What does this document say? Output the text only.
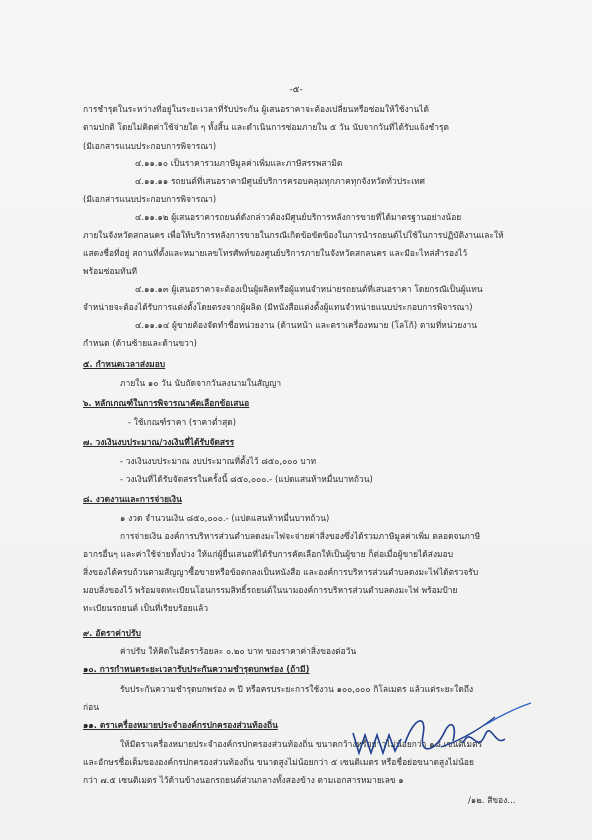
-๕-
การชำรุดในระหว่างที่อยู่ในระยะเวลาที่รับประกัน ผู้เสนอราคาจะต้องเปลี่ยนหรือซ่อมให้ใช้งานได้
ตามปกติ โดยไม่คิดค่าใช้จ่ายใด ๆ ทั้งสิ้น และดำเนินการซ่อมภายใน ๕ วัน นับจากวันที่ได้รับแจ้งชำรุด
(มีเอกสารแนบประกอบการพิจารณา)
๔.๑๑.๑๐ เป็นราคารวมภาษีมูลค่าเพิ่มและภาษีสรรพสามิต
๔.๑๑.๑๑ รถยนต์ที่เสนอราคามีศูนย์บริการครอบคลุมทุกภาคทุกจังหวัดทั่วประเทศ
(มีเอกสารแนบประกอบการพิจารณา)
๔.๑๑.๑๒ ผู้เสนอราคารถยนต์ดังกล่าวต้องมีศูนย์บริการหลังการขายที่ได้มาตรฐานอย่างน้อย
ภายในจังหวัดสกลนคร เพื่อให้บริการหลังการขายในกรณีเกิดข้อขัดข้องในการนำรถยนต์ไปใช้ในการปฏิบัติงานและให้
แสดงชื่อที่อยู่ สถานที่ตั้งและหมายเลขโทรศัพท์ของศูนย์บริการภายในจังหวัดสกลนคร และมีอะไหล่สำรองไว้
พร้อมซ่อมทันที
๔.๑๑.๑๓ ผู้เสนอราคาจะต้องเป็นผู้ผลิตหรือผู้แทนจำหน่ายรถยนต์ที่เสนอราคา โดยกรณีเป็นผู้แทน
จำหน่ายจะต้องได้รับการแต่งตั้งโดยตรงจากผู้ผลิต (มีหนังสือแต่งตั้งผู้แทนจำหน่ายแนบประกอบการพิจารณา)
๔.๑๑.๑๔ ผู้ขายต้องจัดทำชื่อหน่วยงาน (ด้านหน้า และตราเครื่องหมาย (โลโก้) ตามที่หน่วยงาน
กำหนด (ด้านซ้ายและด้านขวา)
๕. กำหนดเวลาส่งมอบ
ภายใน ๑๐ วัน นับถัดจากวันลงนามในสัญญา
๖. หลักเกณฑ์ในการพิจารณาคัดเลือกข้อเสนอ
- ใช้เกณฑ์ราคา (ราคาต่ำสุด)
๗. วงเงินงบประมาณ/วงเงินที่ได้รับจัดสรร
- วงเงินงบประมาณ งบประมาณที่ตั้งไว้ ๘๕๐,๐๐๐ บาท
- วงเงินที่ได้รับจัดสรรในครั้งนี้ ๘๕๐,๐๐๐.- (แปดแสนห้าหมื่นบาทถ้วน)
๘. งวดงานและการจ่ายเงิน
๑ งวด จำนวนเงิน ๘๕๐,๐๐๐.- (แปดแสนห้าหมื่นบาทถ้วน)
การจ่ายเงิน องค์การบริหารส่วนตำบลดงมะไฟจะจ่ายค่าสิ่งของซึ่งได้รวมภาษีมูลค่าเพิ่ม ตลอดจนภาษี
อากรอื่นๆ และค่าใช้จ่ายทั้งปวง ให้แก่ผู้ยื่นเสนอที่ได้รับการคัดเลือกให้เป็นผู้ขาย ก็ต่อเมื่อผู้ขายได้ส่งมอบ
สิ่งของได้ครบถ้วนตามสัญญาซื้อขายหรือข้อตกลงเป็นหนังสือ และองค์การบริหารส่วนตำบลดงมะไฟได้ตรวจรับ
มอบสิ่งของไว้ พร้อมจดทะเบียนโอนกรรมสิทธิ์รถยนต์ในนามองค์การบริหารส่วนตำบลดงมะไฟ พร้อมป้าย
ทะเบียนรถยนต์ เป็นที่เรียบร้อยแล้ว
๙. อัตราค่าปรับ
ค่าปรับ ให้คิดในอัตราร้อยละ ๐.๒๐ บาท ของราคาค่าสิ่งของต่อวัน
๑๐. การกำหนดระยะเวลารับประกันความชำรุดบกพร่อง (ถ้ามี)
รับประกันความชำรุดบกพร่อง ๓ ปี หรือครบระยะการใช้งาน ๑๐๐,๐๐๐ กิโลเมตร แล้วแต่ระยะใดถึง
ก่อน
๑๑. ตราเครื่องหมายประจำองค์กรปกครองส่วนท้องถิ่น
ให้มีตราเครื่องหมายประจำองค์กรปกครองส่วนท้องถิ่น ขนาดกว้างหรือยาวไม่น้อยกว่า ๑๘ เซนติเมตร
และอักษรชื่อเต็มขององค์กรปกครองส่วนท้องถิ่น ขนาดสูงไม่น้อยกว่า ๕ เซนติเมตร หรือชื่อย่อขนาดสูงไม่น้อย
กว่า ๗.๕ เซนติเมตร ไว้ด้านข้างนอกรถยนต์ส่วนกลางทั้งสองข้าง ตามเอกสารหมายเลข ๑
/๑๒. สีของ...
